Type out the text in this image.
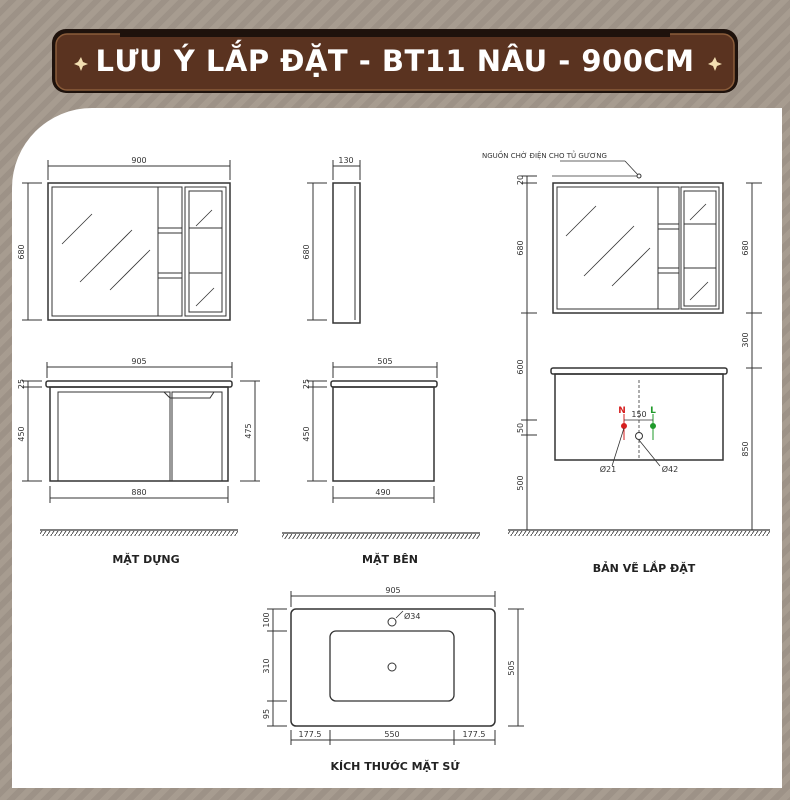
LƯU Ý LẮP ĐẶT - BT11 NÂU - 900CM
900
680
905
25
450	475
880
130
680
505
25
450
490
20
680
600
50
500
680
300
850
150
Ø21	Ø42
N	L
NGUỒN CHỜ ĐIỆN CHO TỦ GƯƠNG
905
Ø34
100
310
95
505
177.5	550	177.5
MẶT DỰNG	MẶT BÊN
BẢN VẼ LẮP ĐẶT
KÍCH THƯỚC MẶT SỨ
